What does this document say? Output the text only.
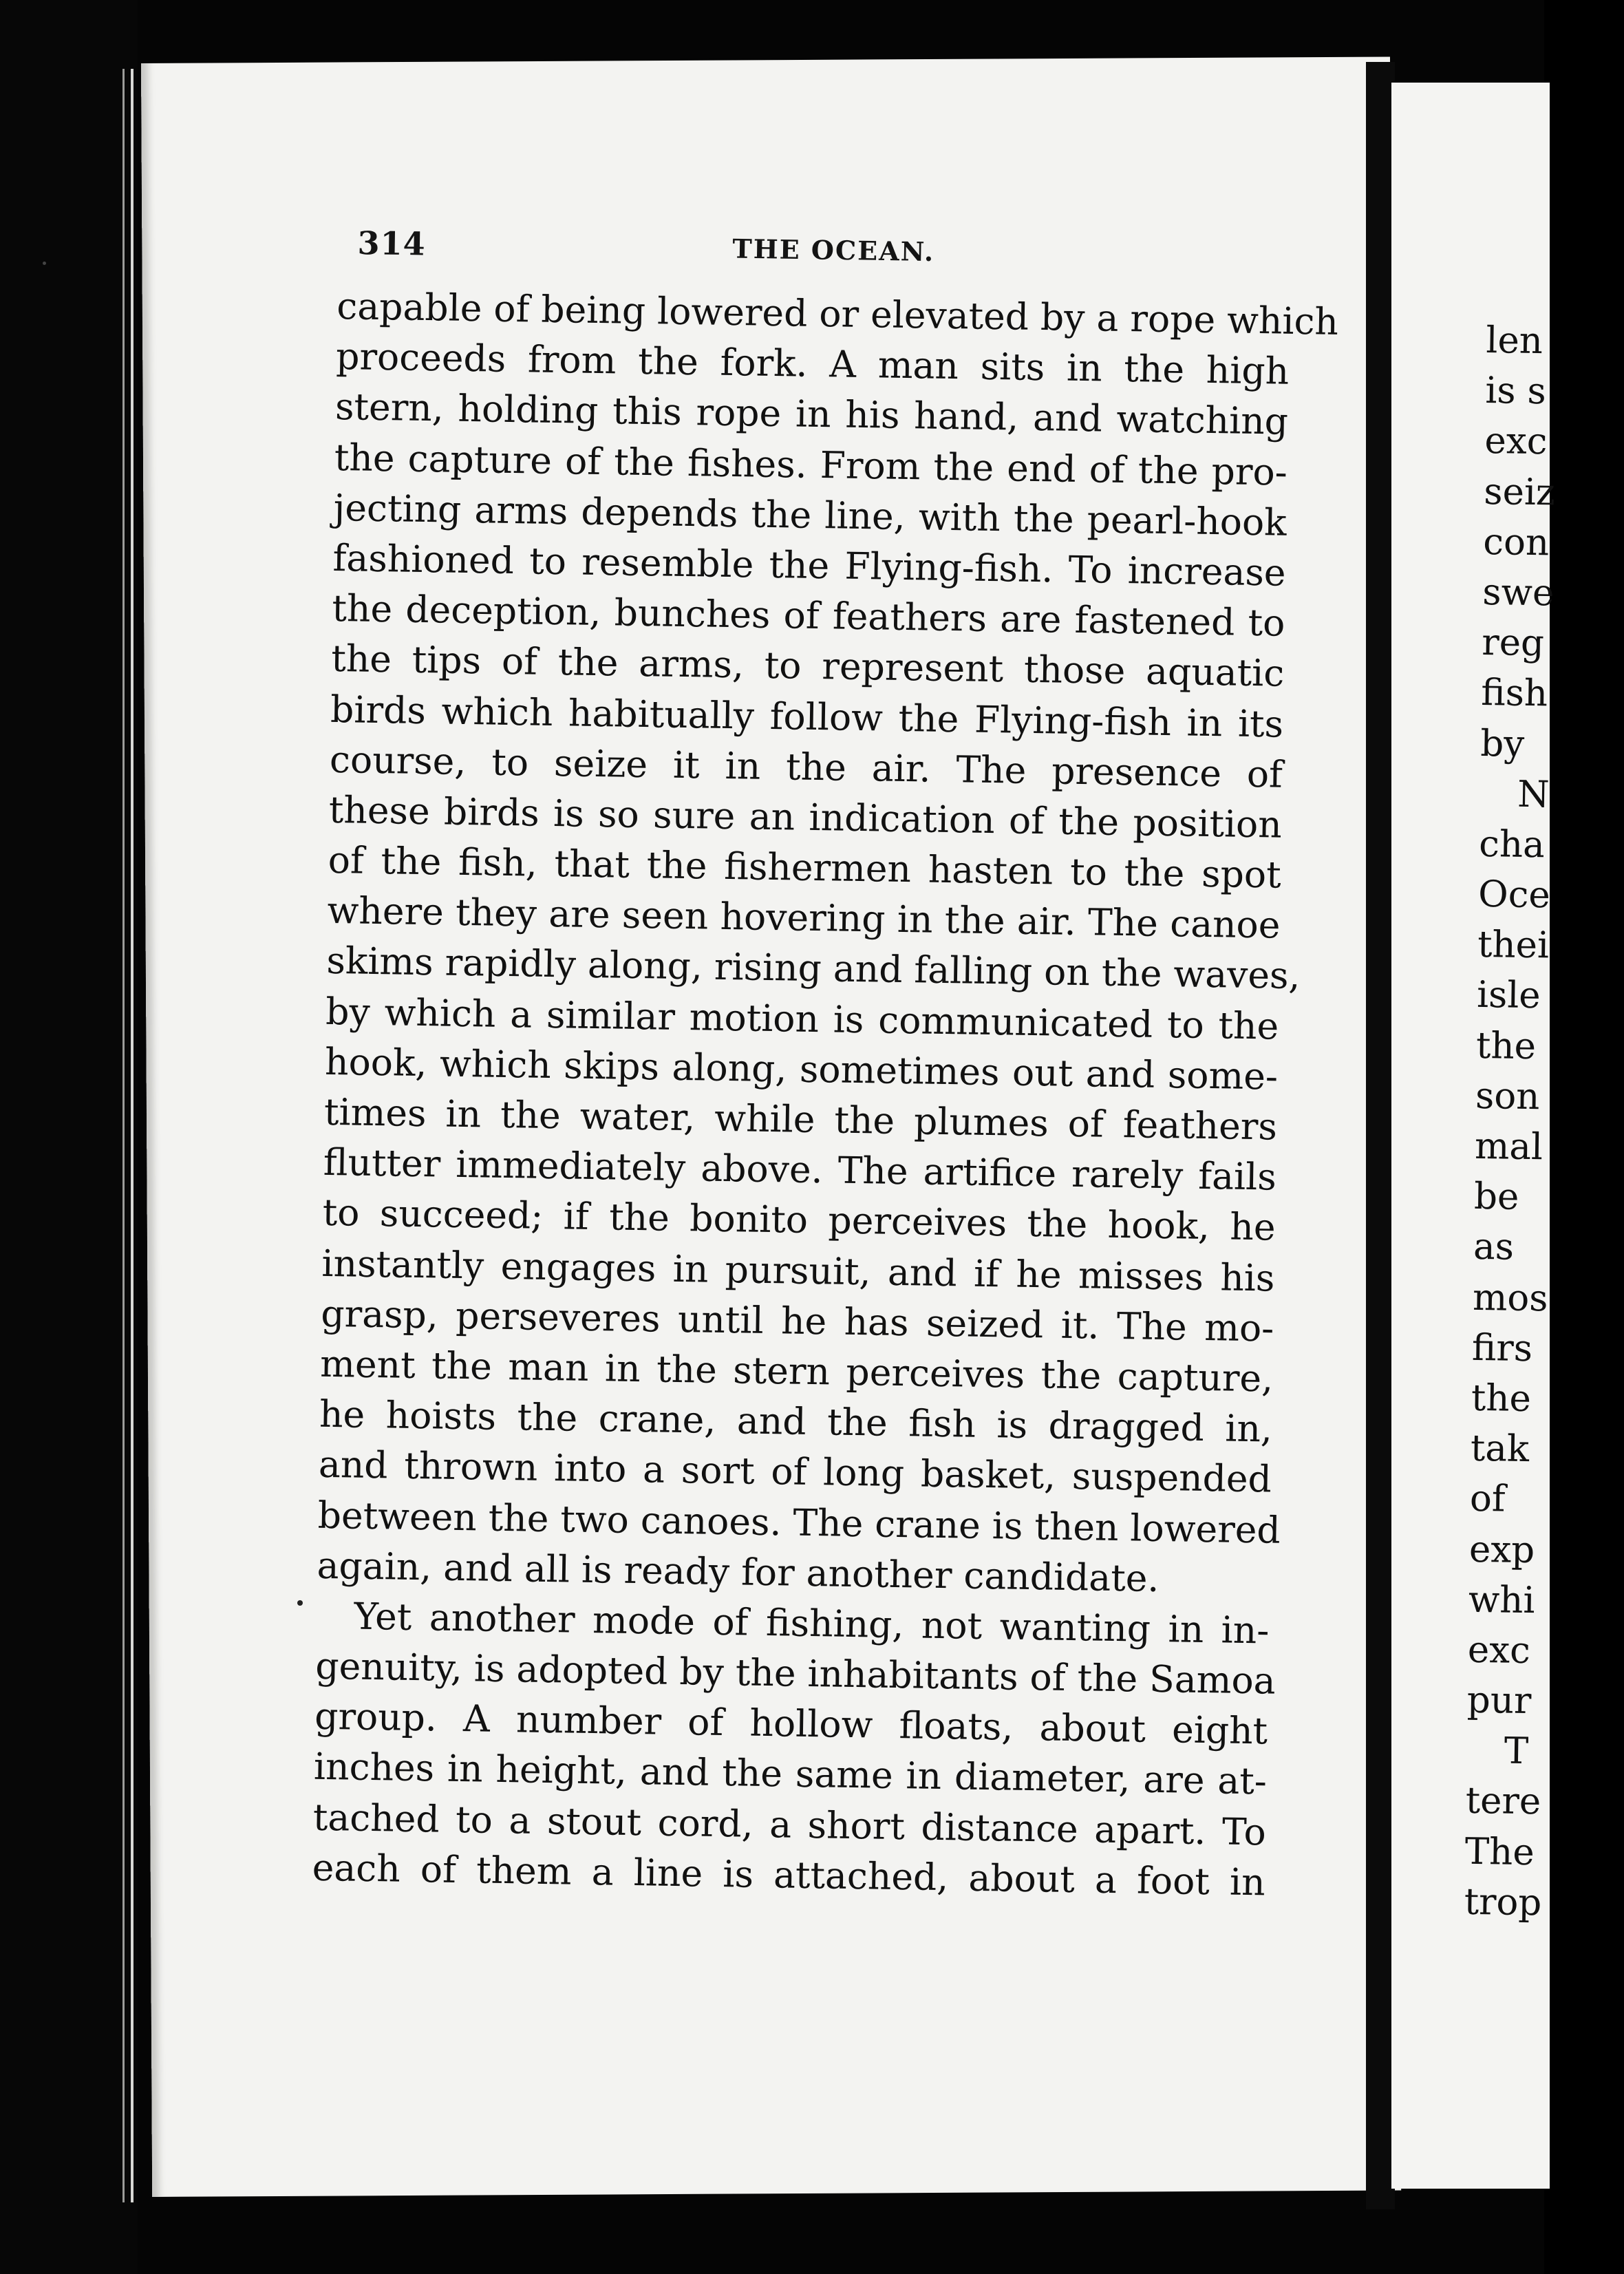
314	THE OCEAN.
capable of being lowered or elevated by a rope which
proceeds from the fork. A man sits in the high
stern, holding this rope in his hand, and watching
the capture of the fishes. From the end of the pro-
jecting arms depends the line, with the pearl-hook
fashioned to resemble the Flying-fish. To increase
the deception, bunches of feathers are fastened to
the tips of the arms, to represent those aquatic
birds which habitually follow the Flying-fish in its
course, to seize it in the air. The presence of
these birds is so sure an indication of the position
of the fish, that the fishermen hasten to the spot
where they are seen hovering in the air. The canoe
skims rapidly along, rising and falling on the waves,
by which a similar motion is communicated to the
hook, which skips along, sometimes out and some-
times in the water, while the plumes of feathers
flutter immediately above. The artifice rarely fails
to succeed; if the bonito perceives the hook, he
instantly engages in pursuit, and if he misses his
grasp, perseveres until he has seized it. The mo-
ment the man in the stern perceives the capture,
he hoists the crane, and the fish is dragged in,
and thrown into a sort of long basket, suspended
between the two canoes. The crane is then lowered
again, and all is ready for another candidate.
Yet another mode of fishing, not wanting in in-
genuity, is adopted by the inhabitants of the Samoa
group. A number of hollow floats, about eight
inches in height, and the same in diameter, are at-
tached to a stout cord, a short distance apart. To
each of them a line is attached, about a foot in
len
is s
exc
seiz
con
swe
reg
fish
by
N
cha
Oce
thei
isle
the
son
mal
be
as
mos
firs
the
tak
of
exp
whi
exc
pur
T
tere
The
trop
